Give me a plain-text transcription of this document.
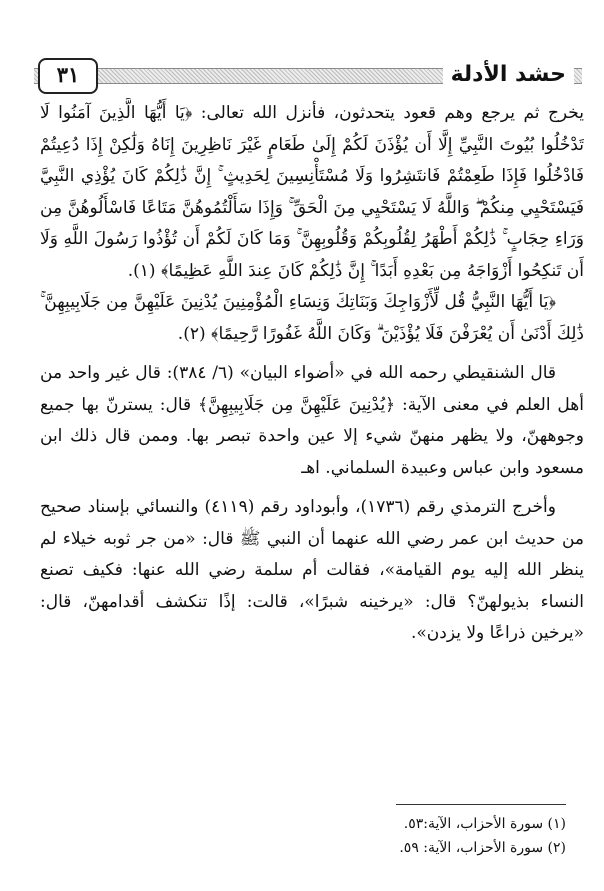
حشد الأدلة
٣١

يخرج ثم يرجع وهم قعود يتحدثون، فأنزل الله تعالى: ﴿يَا أَيُّهَا الَّذِينَ آمَنُوا لَا تَدْخُلُوا بُيُوتَ النَّبِيِّ إِلَّا أَن يُؤْذَنَ لَكُمْ إِلَىٰ طَعَامٍ غَيْرَ نَاظِرِينَ إِنَاهُ وَلَٰكِنْ إِذَا دُعِيتُمْ فَادْخُلُوا فَإِذَا طَعِمْتُمْ فَانتَشِرُوا وَلَا مُسْتَأْنِسِينَ لِحَدِيثٍ ۚ إِنَّ ذَٰلِكُمْ كَانَ يُؤْذِي النَّبِيَّ فَيَسْتَحْيِي مِنكُمْ ۖ وَاللَّهُ لَا يَسْتَحْيِي مِنَ الْحَقِّ ۚ وَإِذَا سَأَلْتُمُوهُنَّ مَتَاعًا فَاسْأَلُوهُنَّ مِن وَرَاءِ حِجَابٍ ۚ ذَٰلِكُمْ أَطْهَرُ لِقُلُوبِكُمْ وَقُلُوبِهِنَّ ۚ وَمَا كَانَ لَكُمْ أَن تُؤْذُوا رَسُولَ اللَّهِ وَلَا أَن تَنكِحُوا أَزْوَاجَهُ مِن بَعْدِهِ أَبَدًا ۚ إِنَّ ذَٰلِكُمْ كَانَ عِندَ اللَّهِ عَظِيمًا﴾ (١).

﴿يَا أَيُّهَا النَّبِيُّ قُل لِّأَزْوَاجِكَ وَبَنَاتِكَ وَنِسَاءِ الْمُؤْمِنِينَ يُدْنِينَ عَلَيْهِنَّ مِن جَلَابِيبِهِنَّ ۚ ذَٰلِكَ أَدْنَىٰ أَن يُعْرَفْنَ فَلَا يُؤْذَيْنَ ۗ وَكَانَ اللَّهُ غَفُورًا رَّحِيمًا﴾ (٢).

قال الشنقيطي رحمه الله في «أضواء البيان» (٦/ ٣٨٤): قال غير واحد من أهل العلم في معنى الآية: ﴿يُدْنِينَ عَلَيْهِنَّ مِن جَلَابِيبِهِنَّ﴾ قال: يسترنّ بها جميع وجوههنّ، ولا يظهر منهنّ شيء إلا عين واحدة تبصر بها. وممن قال ذلك ابن مسعود وابن عباس وعبيدة السلماني. اهـ

وأخرج الترمذي رقم (١٧٣٦)، وأبوداود رقم (٤١١٩) والنسائي بإسناد صحيح من حديث ابن عمر رضي الله عنهما أن النبي ﷺ قال: «من جر ثوبه خيلاء لم ينظر الله إليه يوم القيامة»، فقالت أم سلمة رضي الله عنها: فكيف تصنع النساء بذيولهنّ؟ قال: «يرخينه شبرًا»، قالت: إذًا تنكشف أقدامهنّ، قال: «يرخين ذراعًا ولا يزدن».

(١) سورة الأحزاب، الآية:٥٣.

(٢) سورة الأحزاب، الآية: ٥٩.
